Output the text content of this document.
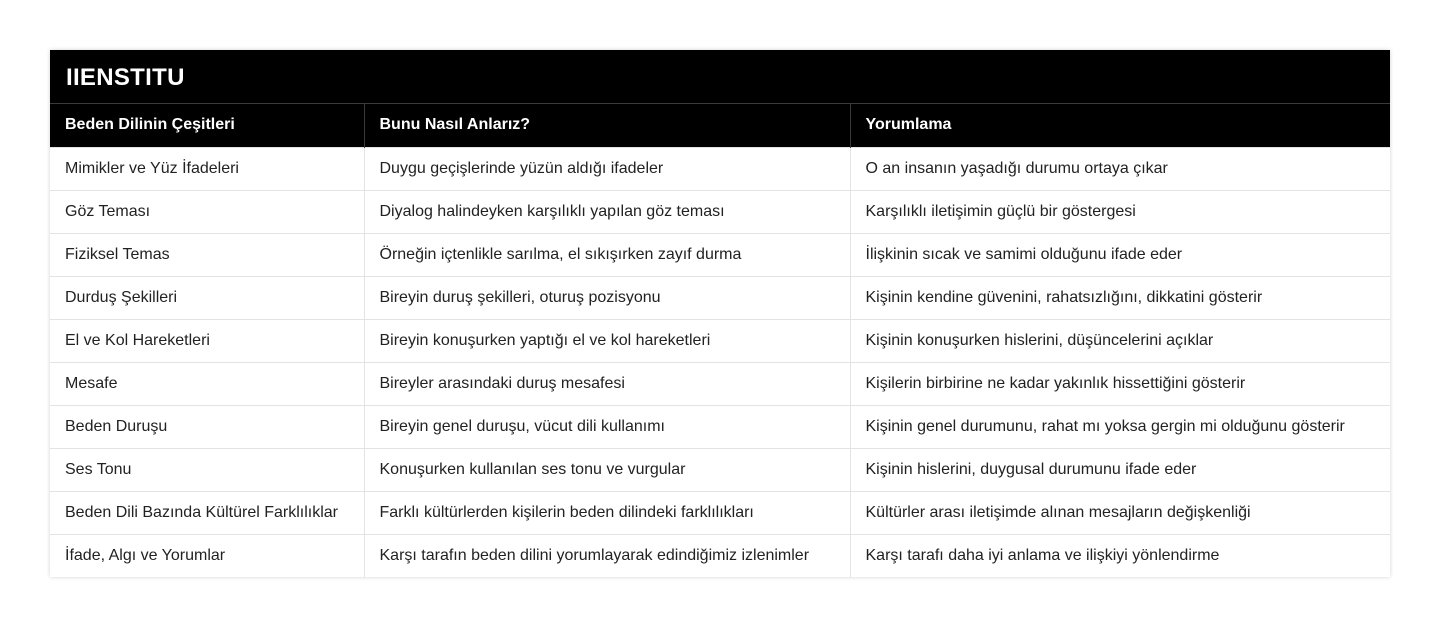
IIENSTITU
Beden Dilinin Çeşitleri	Bunu Nasıl Anlarız?	Yorumlama
Mimikler ve Yüz İfadeleri	Duygu geçişlerinde yüzün aldığı ifadeler	O an insanın yaşadığı durumu ortaya çıkar
Göz Teması	Diyalog halindeyken karşılıklı yapılan göz teması	Karşılıklı iletişimin güçlü bir göstergesi
Fiziksel Temas	Örneğin içtenlikle sarılma, el sıkışırken zayıf durma	İlişkinin sıcak ve samimi olduğunu ifade eder
Durduş Şekilleri	Bireyin duruş şekilleri, oturuş pozisyonu	Kişinin kendine güvenini, rahatsızlığını, dikkatini gösterir
El ve Kol Hareketleri	Bireyin konuşurken yaptığı el ve kol hareketleri	Kişinin konuşurken hislerini, düşüncelerini açıklar
Mesafe	Bireyler arasındaki duruş mesafesi	Kişilerin birbirine ne kadar yakınlık hissettiğini gösterir
Beden Duruşu	Bireyin genel duruşu, vücut dili kullanımı	Kişinin genel durumunu, rahat mı yoksa gergin mi olduğunu gösterir
Ses Tonu	Konuşurken kullanılan ses tonu ve vurgular	Kişinin hislerini, duygusal durumunu ifade eder
Beden Dili Bazında Kültürel Farklılıklar	Farklı kültürlerden kişilerin beden dilindeki farklılıkları	Kültürler arası iletişimde alınan mesajların değişkenliği
İfade, Algı ve Yorumlar	Karşı tarafın beden dilini yorumlayarak edindiğimiz izlenimler	Karşı tarafı daha iyi anlama ve ilişkiyi yönlendirme
